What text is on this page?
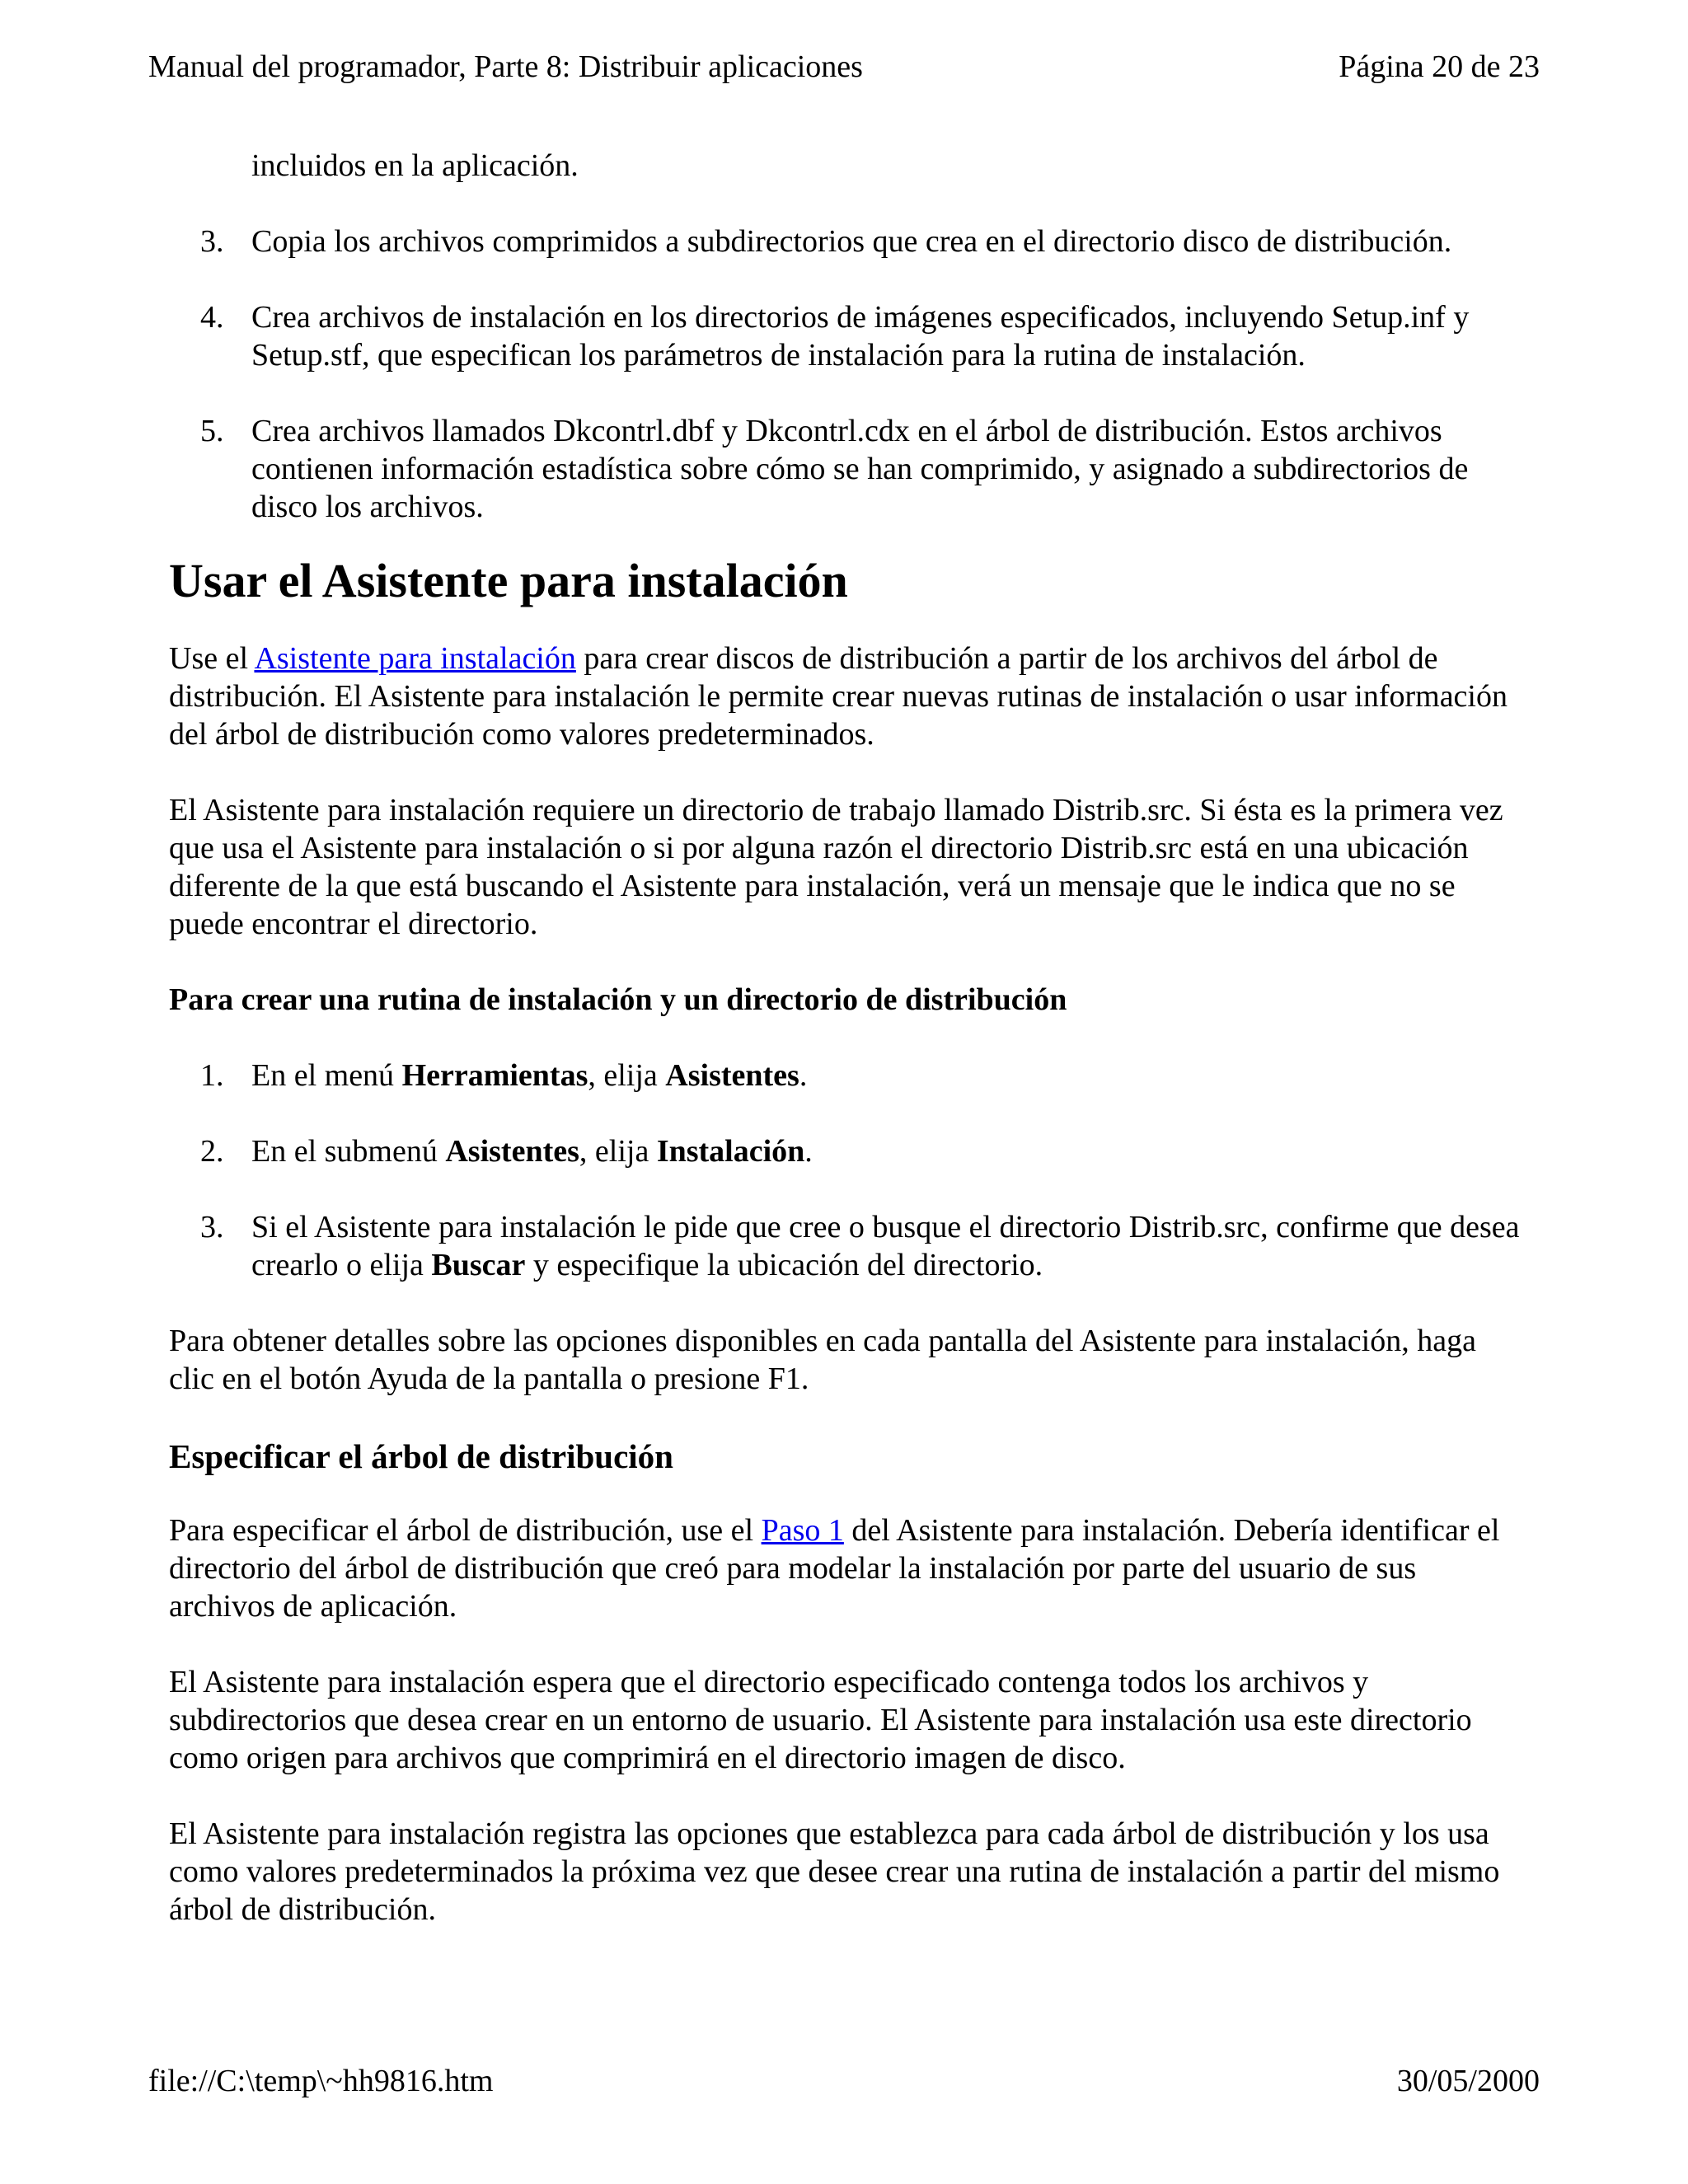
Manual del programador, Parte 8: Distribuir aplicaciones	Página 20 de 23

incluidos en la aplicación.

3. Copia los archivos comprimidos a subdirectorios que crea en el directorio disco de distribución.
4. Crea archivos de instalación en los directorios de imágenes especificados, incluyendo Setup.inf y Setup.stf, que especifican los parámetros de instalación para la rutina de instalación.
5. Crea archivos llamados Dkcontrl.dbf y Dkcontrl.cdx en el árbol de distribución. Estos archivos contienen información estadística sobre cómo se han comprimido, y asignado a subdirectorios de disco los archivos.
Usar el Asistente para instalación

Use el Asistente para instalación para crear discos de distribución a partir de los archivos del árbol de distribución. El Asistente para instalación le permite crear nuevas rutinas de instalación o usar información del árbol de distribución como valores predeterminados.

El Asistente para instalación requiere un directorio de trabajo llamado Distrib.src. Si ésta es la primera vez que usa el Asistente para instalación o si por alguna razón el directorio Distrib.src está en una ubicación diferente de la que está buscando el Asistente para instalación, verá un mensaje que le indica que no se puede encontrar el directorio.

Para crear una rutina de instalación y un directorio de distribución

1. En el menú Herramientas, elija Asistentes.
2. En el submenú Asistentes, elija Instalación.
3. Si el Asistente para instalación le pide que cree o busque el directorio Distrib.src, confirme que desea crearlo o elija Buscar y especifique la ubicación del directorio.

Para obtener detalles sobre las opciones disponibles en cada pantalla del Asistente para instalación, haga clic en el botón Ayuda de la pantalla o presione F1.

Especificar el árbol de distribución

Para especificar el árbol de distribución, use el Paso 1 del Asistente para instalación. Debería identificar el directorio del árbol de distribución que creó para modelar la instalación por parte del usuario de sus archivos de aplicación.

El Asistente para instalación espera que el directorio especificado contenga todos los archivos y subdirectorios que desea crear en un entorno de usuario. El Asistente para instalación usa este directorio como origen para archivos que comprimirá en el directorio imagen de disco.

El Asistente para instalación registra las opciones que establezca para cada árbol de distribución y los usa como valores predeterminados la próxima vez que desee crear una rutina de instalación a partir del mismo árbol de distribución.

file://C:\temp\~hh9816.htm	30/05/2000
